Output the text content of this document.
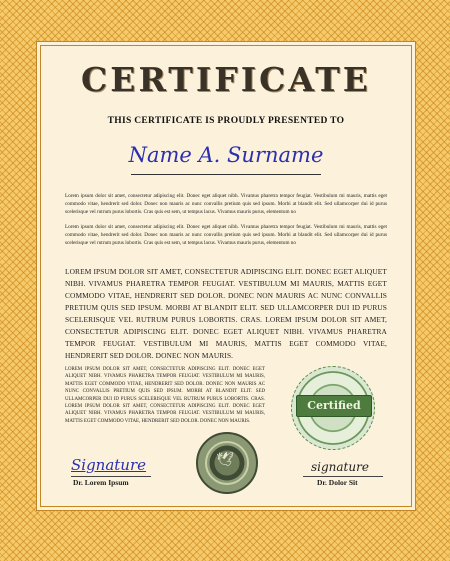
CERTIFICATE
THIS CERTIFICATE IS PROUDLY PRESENTED TO
Name A. Surname
Lorem ipsum dolor sit amet, consectetur adipiscing elit. Donec eget aliquet nibh. Vivamus pharetra tempor feugiat. Vestibulum mi mauris, mattis eget commodo vitae, hendrerit sed dolor. Donec non mauris ac nunc convallis pretium quis sed ipsum. Morbi at blandit elit. Sed ullamcorper dui id purus scelerisque vel rutrum purus lobortis. Cras quis est sem, ut tempus lacus. Vivamus mauris purus, elementum no
Lorem ipsum dolor sit amet, consectetur adipiscing elit. Donec eget aliquet nibh. Vivamus pharetra tempor feugiat. Vestibulum mi mauris, mattis eget commodo vitae, hendrerit sed dolor. Donec non mauris ac nunc convallis pretium quis sed ipsum. Morbi at blandit elit. Sed ullamcorper dui id purus scelerisque vel rutrum purus lobortis. Cras quis est sem, ut tempus lacus. Vivamus mauris purus, elementum no
LOREM IPSUM DOLOR SIT AMET, CONSECTETUR ADIPISCING ELIT. DONEC EGET ALIQUET NIBH. VIVAMUS PHARETRA TEMPOR FEUGIAT. VESTIBULUM MI MAURIS, MATTIS EGET COMMODO VITAE, HENDRERIT SED DOLOR. DONEC NON MAURIS AC NUNC CONVALLIS PRETIUM QUIS SED IPSUM. MORBI AT BLANDIT ELIT. SED ULLAMCORPER DUI ID PURUS SCELERISQUE VEL RUTRUM PURUS LOBORTIS. CRAS. LOREM IPSUM DOLOR SIT AMET, CONSECTETUR ADIPISCING ELIT. DONEC EGET ALIQUET NIBH. VIVAMUS PHARETRA TEMPOR FEUGIAT. VESTIBULUM MI MAURIS, MATTIS EGET COMMODO VITAE, HENDRERIT SED DOLOR. DONEC NON MAURIS.
LOREM IPSUM DOLOR SIT AMET, CONSECTETUR ADIPISCING ELIT. DONEC EGET ALIQUET NIBH. VIVAMUS PHARETRA TEMPOR FEUGIAT. VESTIBULUM MI MAURIS, MATTIS EGET COMMODO VITAE, HENDRERIT SED DOLOR. DONEC NON MAURIS AC NUNC CONVALLIS PRETIUM QUIS SED IPSUM. MORBI AT BLANDIT ELIT. SED ULLAMCORPER DUI ID PURUS SCELERISQUE VEL RUTRUM PURUS LOBORTIS. CRAS. LOREM IPSUM DOLOR SIT AMET, CONSECTETUR ADIPISCING ELIT. DONEC EGET ALIQUET NIBH. VIVAMUS PHARETRA TEMPOR FEUGIAT. VESTIBULUM MI MAURIS, MATTIS EGET COMMODO VITAE, HENDRERIT SED DOLOR. DONEC NON MAURIS.
Certified
🕊
Signature	signature
Dr. Lorem Ipsum	Dr. Dolor Sit
